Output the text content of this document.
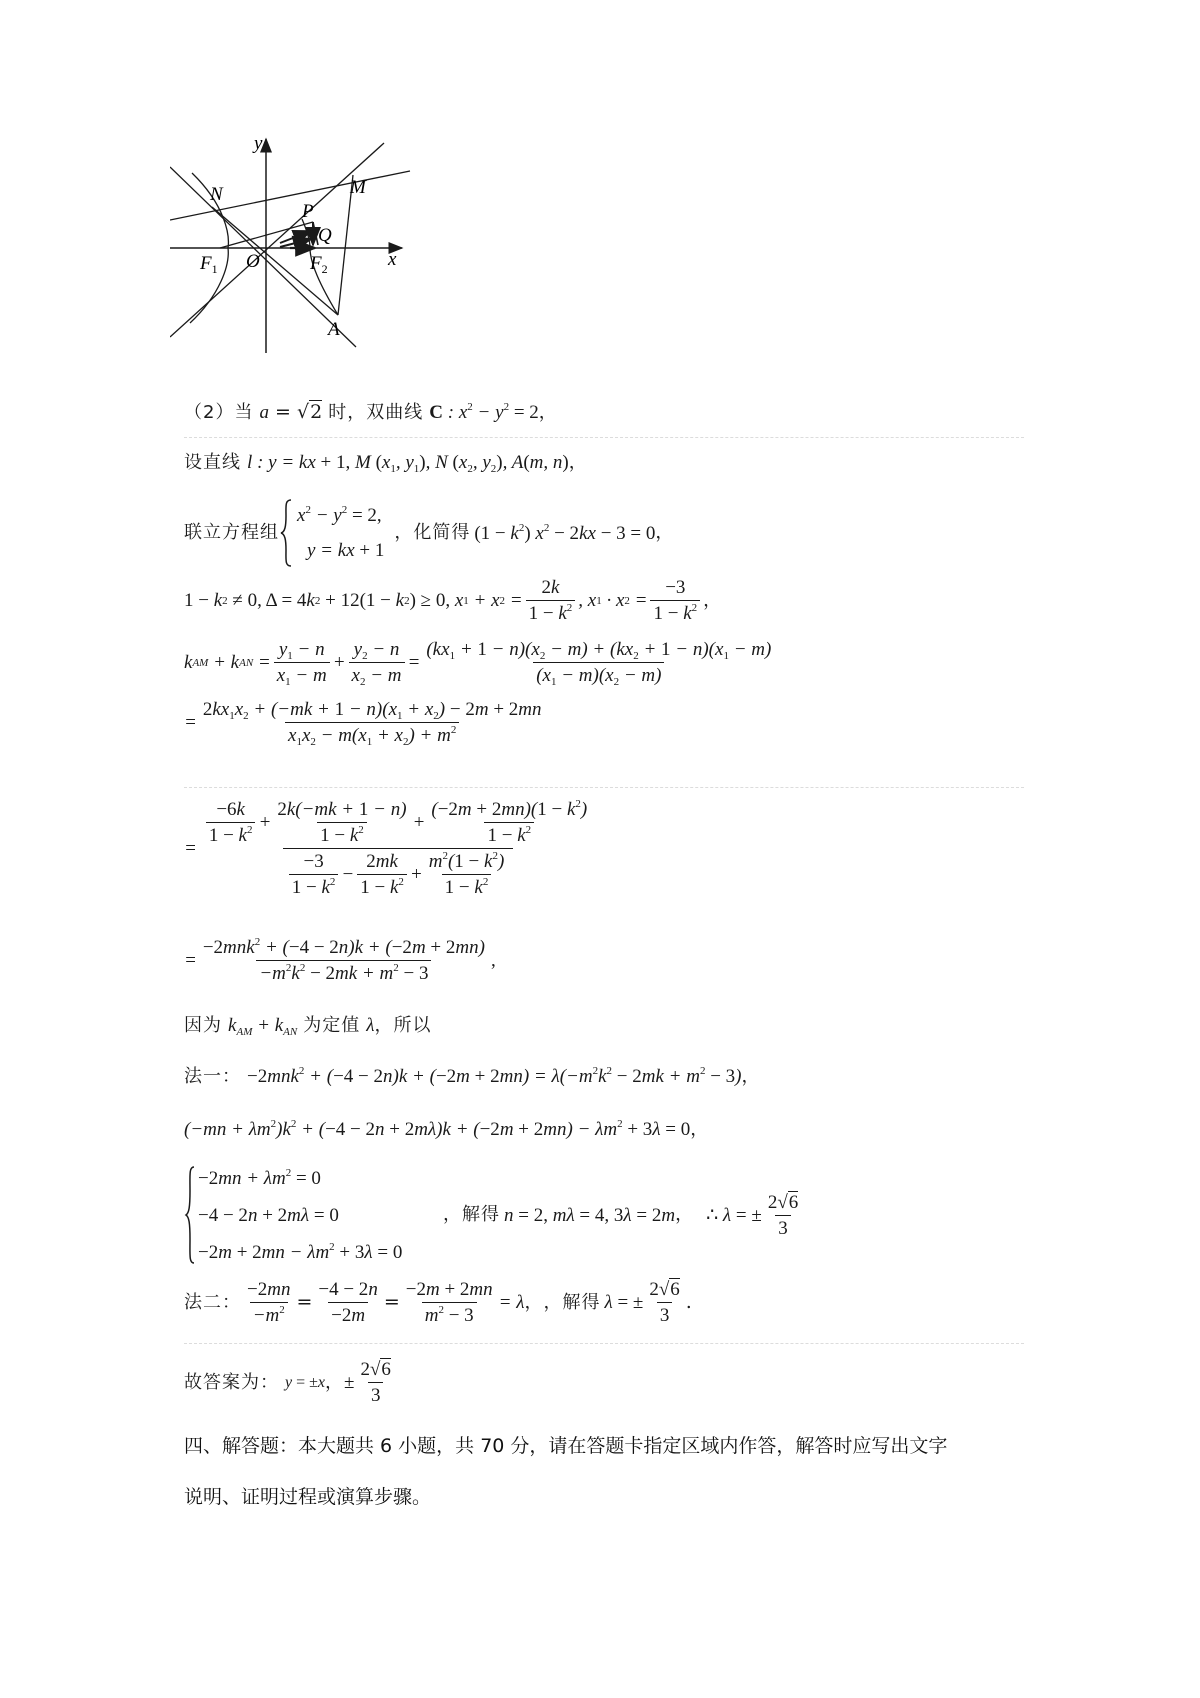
y
x
N	M
P
Q
O
$F_1$	$F_2$
A
（2）当 a = √2 时，双曲线 C : $x^2 - y^2 = 2$，
设直线 l : y = kx + 1, M ($x_1$, $y_1$), N ($x_2$, $y_2$), A(m, n)，
联立方程组
$x^2 - y^2 = 2$,
y = kx + 1
，化简得 $(1 - k^2)$ $x^2 - 2kx - 3 = 0$ ，
1 − k 2
≠ 0, Δ = 4 k 2
+ 12(1 − k 2 ) ≥ 0, x 1 + x $2 = \frac{2k}{1 - k^2}$ , x 1 · x $2 = \frac{-3}{1 - k^2}$ ，
k AM + k AN = $\frac{y_1 - n}{x_1 - m} + \frac{y_2 - n}{x_2 - m} = \frac{(kx_1 + 1 - n)(x_2 - m) + (kx_2 + 1 - n)(x_1 - m)}{(x_1 - m)(x_2 - m)}$
= $\frac{2kx_1x_2 + (-mk + 1 - n)(x_1 + x_2) - 2m + 2mn}{x_1x_2 - m(x_1 + x_2) + m^2}$
=
$\frac{-6k}{1 - k^2} + \frac{2k(-mk + 1 - n)}{1 - k^2} + \frac{(-2m + 2mn)(1 - k^2)}{1 - k^2}$
$\frac{-3}{1 - k^2} - \frac{2mk}{1 - k^2} + \frac{m^2(1 - k^2)}{1 - k^2}$
= $\frac{-2mnk^2 + (-4 - 2n)k + (-2m + 2mn)}{-m^2k^2 - 2mk + m^2 - 3}$ ,
因为 $k_{AM} + k_{AN}$ 为定值 λ，所以
法一： $-2mnk^2 + (-4 - 2n)k + (-2m + 2mn) = \lambda(-m^2k^2 - 2mk + m^2 - 3)$，
$(-mn + \lambda m^2)k^2 + (-4 - 2n + 2m\lambda)k + (-2m + 2mn) - \lambda m^2 + 3\lambda = 0$，
$-2mn + \lambda m^2 = 0$
−4 − 2n + 2mλ = 0
$-2m + 2mn - \lambda m^2 + 3\lambda = 0$
，解得 n = 2, mλ = 4, 3λ = 2m ， ∴ λ = ± $\frac{2√6}{3}$
法二： $\frac{-2mn}{-m^2} = \frac{-4 - 2n}{-2m} = \frac{-2m + 2mn}{m^2 - 3} = \lambda$ ， ，解得 λ = ± $\frac{2√6}{3}$ .
故答案为： y = ±x ， ± $\frac{2√6}{3}$
四、解答题：本大题共 6 小题，共 70 分，请在答题卡指定区域内作答，解答时应写出文字
说明、证明过程或演算步骤。
